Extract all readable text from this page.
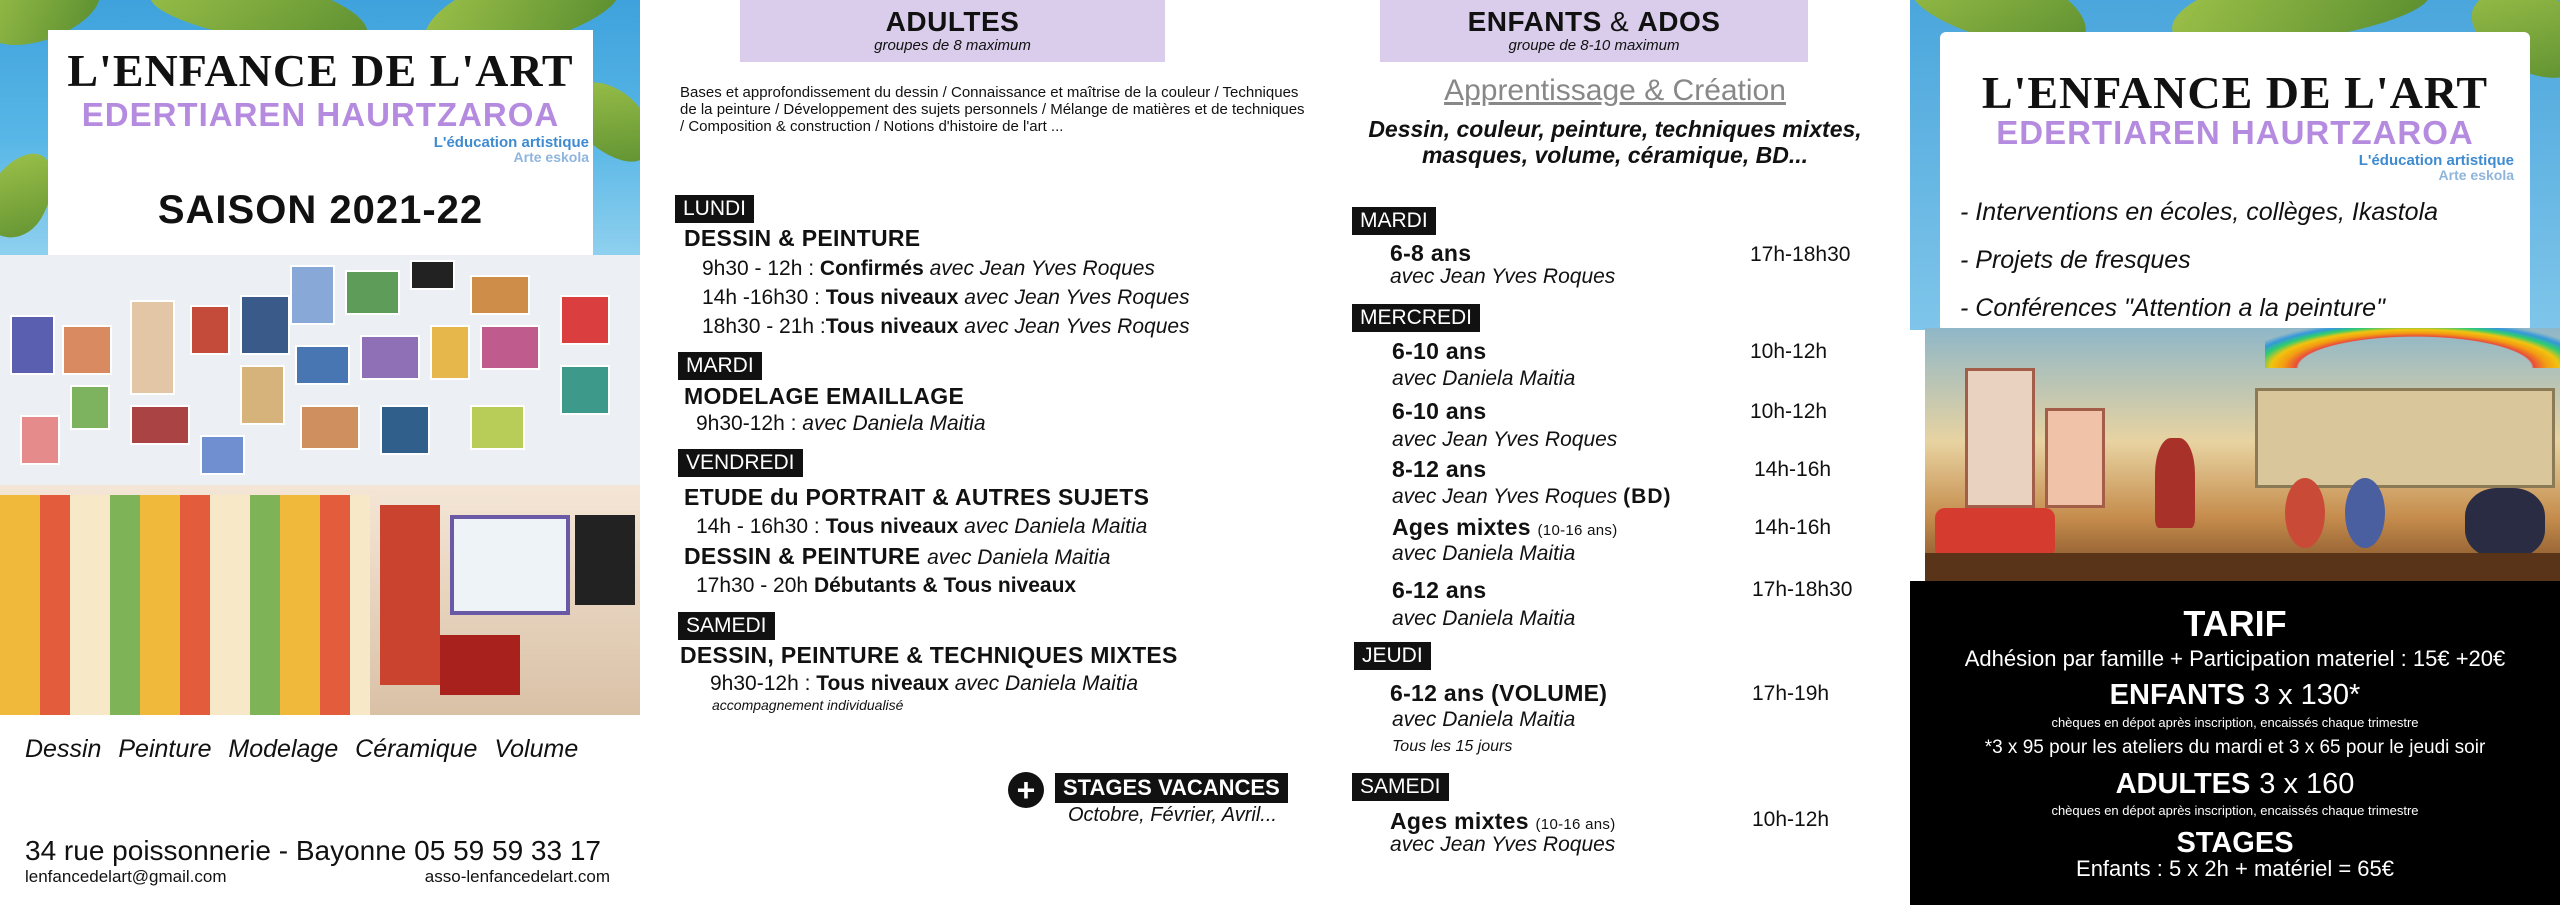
L'ENFANCE DE L'ART
EDERTIAREN HAURTZAROA
L'éducation artistique
Arte eskola
SAISON 2021-22
Dessin Peinture Modelage Céramique Volume
34 rue poissonnerie - Bayonne 05 59 59 33 17
lenfancedelart@gmail.com	asso-lenfancedelart.com
ADULTES
groupes de 8 maximum
Bases et approfondissement du dessin / Connaissance et maîtrise de la couleur / Techniques de la peinture / Développement des sujets personnels / Mélange de matières et de techniques / Composition & construction / Notions d'histoire de l'art ...
LUNDI
DESSIN & PEINTURE
9h30 - 12h : Confirmés avec Jean Yves Roques
14h -16h30 : Tous niveaux avec Jean Yves Roques
18h30 - 21h :Tous niveaux avec Jean Yves Roques
MARDI
MODELAGE EMAILLAGE
9h30-12h : avec Daniela Maitia
VENDREDI
ETUDE du PORTRAIT & AUTRES SUJETS
14h - 16h30 : Tous niveaux avec Daniela Maitia
DESSIN & PEINTURE avec Daniela Maitia
17h30 - 20h Débutants & Tous niveaux
SAMEDI
DESSIN, PEINTURE & TECHNIQUES MIXTES
9h30-12h : Tous niveaux avec Daniela Maitia
accompagnement individualisé
+	STAGES VACANCES
Octobre, Février, Avril...
ENFANTS & ADOS
groupe de 8-10 maximum
Apprentissage & Création
Dessin, couleur, peinture, techniques mixtes,
masques, volume, céramique, BD...
MARDI
6-8 ans
avec Jean Yves Roques
17h-18h30
MERCREDI
6-10 ans
avec Daniela Maitia
10h-12h
6-10 ans
avec Jean Yves Roques
10h-12h
8-12 ans
avec Jean Yves Roques (BD)
14h-16h
Ages mixtes (10-16 ans)
avec Daniela Maitia
14h-16h
6-12 ans
avec Daniela Maitia
17h-18h30
JEUDI
6-12 ans (VOLUME)
avec Daniela Maitia
Tous les 15 jours
17h-19h
SAMEDI
Ages mixtes (10-16 ans)
avec Jean Yves Roques
10h-12h
L'ENFANCE DE L'ART
EDERTIAREN HAURTZAROA
L'éducation artistique
Arte eskola
- Interventions en écoles, collèges, Ikastola
- Projets de fresques
- Conférences "Attention a la peinture"
TARIF
Adhésion par famille + Participation materiel : 15€ +20€
ENFANTS 3 x 130*
chèques en dépot après inscription, encaissés chaque trimestre
*3 x 95 pour les ateliers du mardi et 3 x 65 pour le jeudi soir
ADULTES 3 x 160
chèques en dépot après inscription, encaissés chaque trimestre
STAGES
Enfants : 5 x 2h + matériel = 65€
